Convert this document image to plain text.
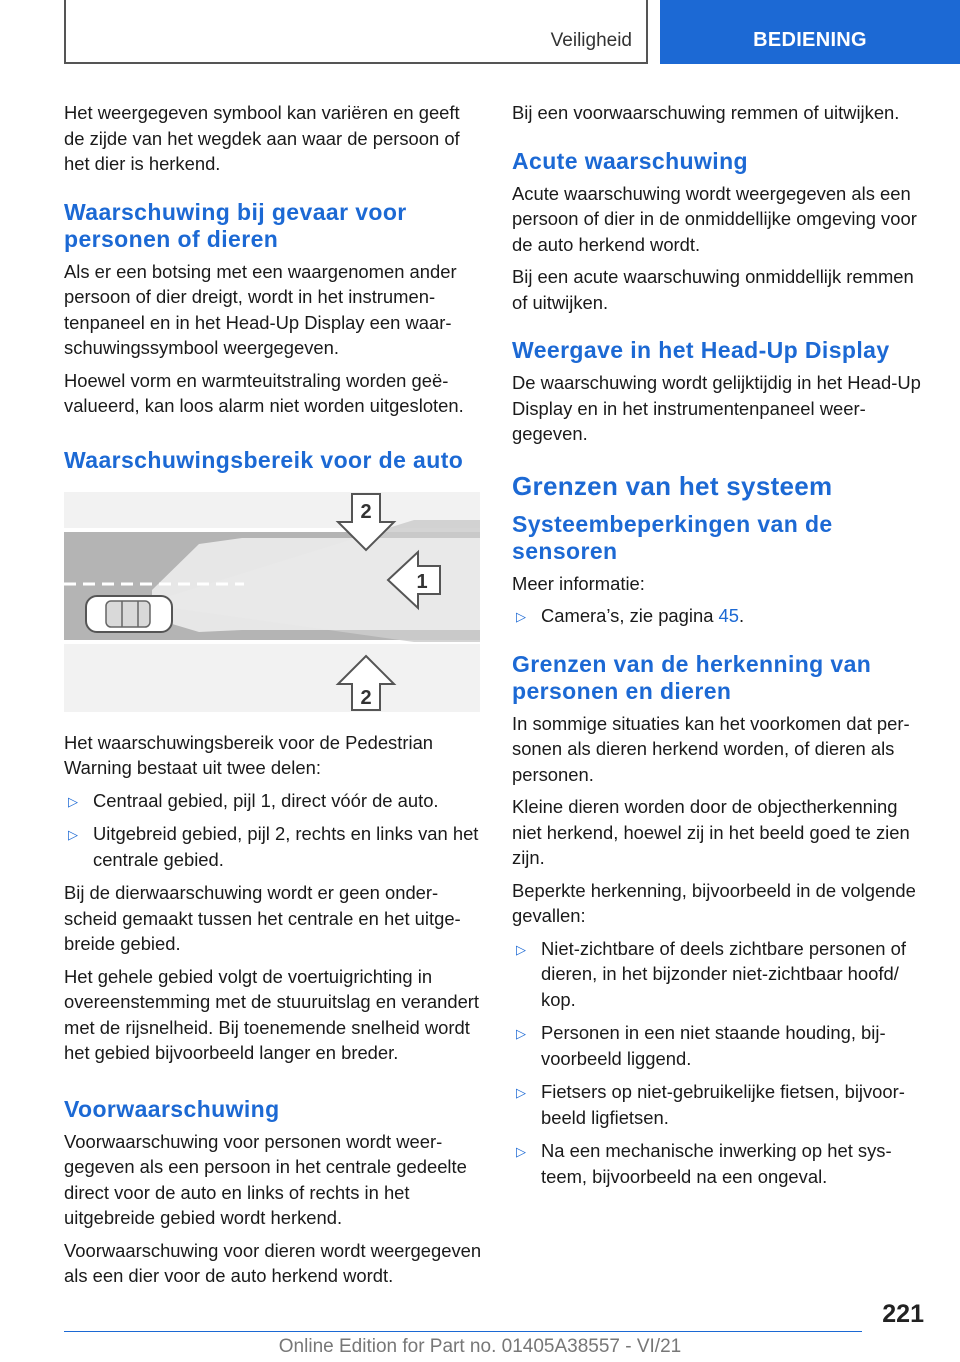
Veiligheid	BEDIENING

Het weergegeven symbool kan variëren en geeft de zijde van het wegdek aan waar de persoon of het dier is herkend.

Waarschuwing bij gevaar voor personen of dieren

Als er een botsing met een waargenomen ander persoon of dier dreigt, wordt in het instrumentenpaneel en in het Head-Up Display een waarschuwingssymbool weergegeven.

Hoewel vorm en warmteuitstraling worden geëvalueerd, kan loos alarm niet worden uitgesloten.

Waarschuwingsbereik voor de auto
1
2
2

Het waarschuwingsbereik voor de Pedestrian Warning bestaat uit twee delen:

▷ Centraal gebied, pijl 1, direct vóór de auto.
▷ Uitgebreid gebied, pijl 2, rechts en links van het centrale gebied.

Bij de dierwaarschuwing wordt er geen onderscheid gemaakt tussen het centrale en het uitgebreide gebied.

Het gehele gebied volgt de voertuigrichting in overeenstemming met de stuuruitslag en verandert met de rijsnelheid. Bij toenemende snelheid wordt het gebied bijvoorbeeld langer en breder.

Voorwaarschuwing

Voorwaarschuwing voor personen wordt weergegeven als een persoon in het centrale gedeelte direct voor de auto en links of rechts in het uitgebreide gebied wordt herkend.

Voorwaarschuwing voor dieren wordt weergegeven als een dier voor de auto herkend wordt.

Bij een voorwaarschuwing remmen of uitwijken.

Acute waarschuwing

Acute waarschuwing wordt weergegeven als een persoon of dier in de onmiddellijke omgeving voor de auto herkend wordt.

Bij een acute waarschuwing onmiddellijk remmen of uitwijken.

Weergave in het Head-Up Display

De waarschuwing wordt gelijktijdig in het Head-Up Display en in het instrumentenpaneel weergegeven.

Grenzen van het systeem
Systeembeperkingen van de sensoren

Meer informatie:

▷ Camera’s, zie pagina 45.
Grenzen van de herkenning van personen en dieren

In sommige situaties kan het voorkomen dat personen als dieren herkend worden, of dieren als personen.

Kleine dieren worden door de objectherkenning niet herkend, hoewel zij in het beeld goed te zien zijn.

Beperkte herkenning, bijvoorbeeld in de volgende gevallen:

▷ Niet-zichtbare of deels zichtbare personen of dieren, in het bijzonder niet-zichtbaar hoofd/ kop.
▷ Personen in een niet staande houding, bijvoorbeeld liggend.
▷ Fietsers op niet-gebruikelijke fietsen, bijvoorbeeld ligfietsen.
▷ Na een mechanische inwerking op het systeem, bijvoorbeeld na een ongeval.
221
Online Edition for Part no. 01405A38557 - VI/21
